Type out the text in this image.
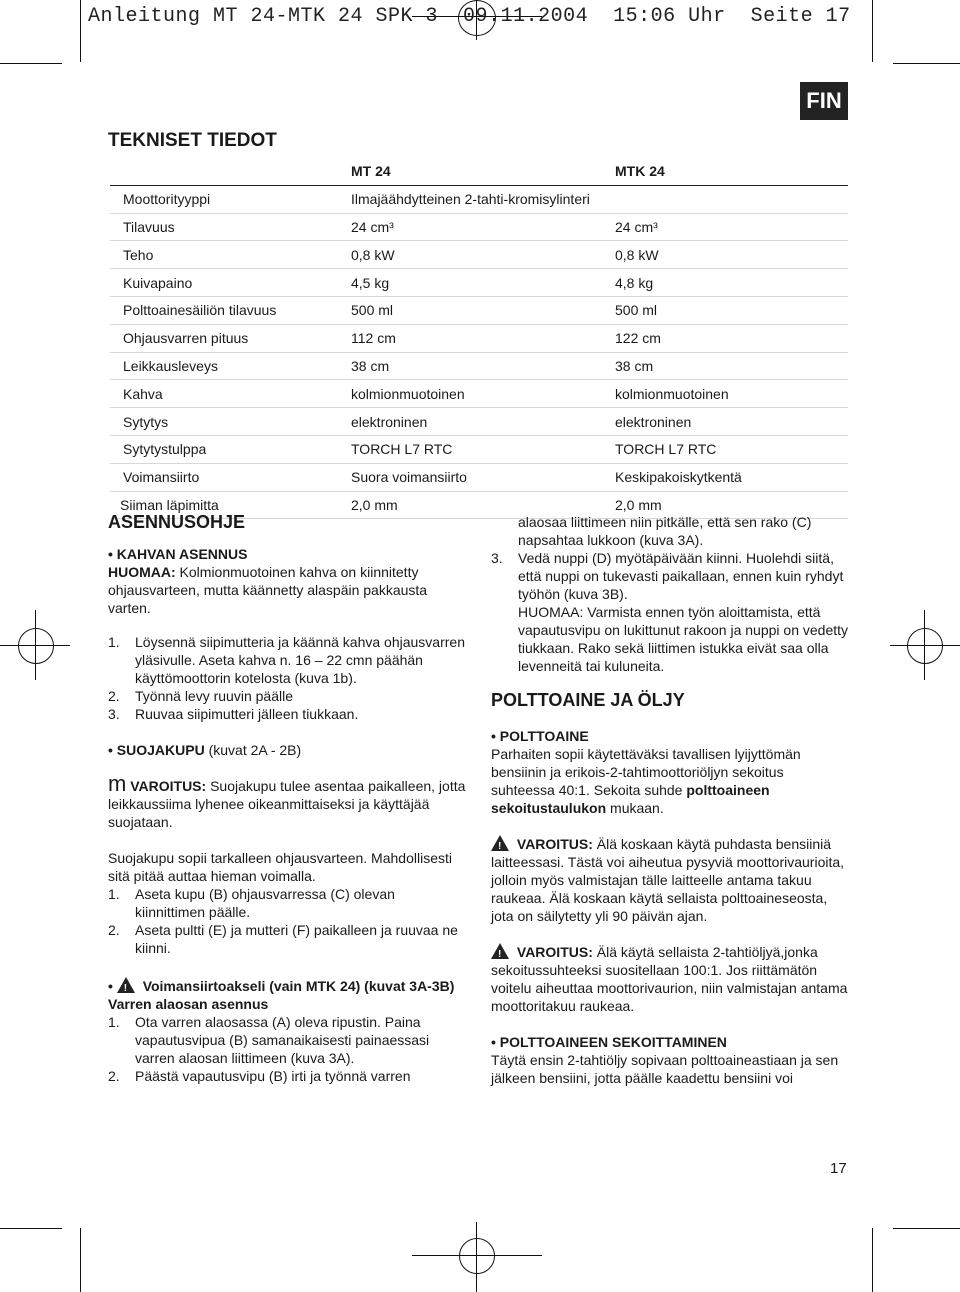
Anleitung MT 24-MTK 24 SPK 3  09.11.2004  15:06 Uhr  Seite 17
FIN
TEKNISET TIEDOT
	MT 24	MTK 24
Moottorityyppi	Ilmajäähdytteinen 2-tahti-kromisylinteri	
Tilavuus	24 cm³	24 cm³
Teho	0,8 kW	0,8 kW
Kuivapaino	4,5 kg	4,8 kg
Polttoainesäiliön tilavuus	500 ml	500 ml
Ohjausvarren pituus	112 cm	122 cm
Leikkausleveys	38 cm	38 cm
Kahva	kolmionmuotoinen	kolmionmuotoinen
Sytytys	elektroninen	elektroninen
Sytytystulppa	TORCH L7 RTC	TORCH L7 RTC
Voimansiirto	Suora voimansiirto	Keskipakoiskytkentä
Siiman läpimitta	2,0 mm	2,0 mm

ASENNUSOHJE

• KAHVAN ASENNUS

HUOMAA: Kolmionmuotoinen kahva on kiinnitetty ohjausvarteen, mutta käännetty alaspäin pakkausta varten.

1. Löysennä siipimutteria ja käännä kahva ohjausvarren yläsivulle. Aseta kahva n. 16 – 22 cmn päähän käyttömoottorin kotelosta (kuva 1b).

2. Työnnä levy ruuvin päälle

3. Ruuvaa siipimutteri jälleen tiukkaan.

• SUOJAKUPU (kuvat 2A - 2B)

m VAROITUS: Suojakupu tulee asentaa paikalleen, jotta leikkaussiima lyhenee oikeanmittaiseksi ja käyttäjää suojataan.

Suojakupu sopii tarkalleen ohjausvarteen. Mahdollisesti sitä pitää auttaa hieman voimalla.

1. Aseta kupu (B) ohjausvarressa (C) olevan kiinnittimen päälle.

2. Aseta pultti (E) ja mutteri (F) paikalleen ja ruuvaa ne kiinni.

• ! Voimansiirtoakseli (vain MTK 24) (kuvat 3A-3B)

Varren alaosan asennus

1. Ota varren alaosassa (A) oleva ripustin. Paina vapautusvipua (B) samanaikaisesti painaessasi varren alaosan liittimeen (kuva 3A).

2. Päästä vapautusvipu (B) irti ja työnnä varren

alaosaa liittimeen niin pitkälle, että sen rako (C) napsahtaa lukkoon (kuva 3A).

3. Vedä nuppi (D) myötäpäivään kiinni. Huolehdi siitä, että nuppi on tukevasti paikallaan, ennen kuin ryhdyt työhön (kuva 3B).

HUOMAA: Varmista ennen työn aloittamista, että vapautusvipu on lukittunut rakoon ja nuppi on vedetty tiukkaan. Rako sekä liittimen istukka eivät saa olla levenneitä tai kuluneita.

POLTTOAINE JA ÖLJY

• POLTTOAINE

Parhaiten sopii käytettäväksi tavallisen lyijyttömän bensiinin ja erikois-2-tahtimoottoriöljyn sekoitus suhteessa 40:1. Sekoita suhde polttoaineen sekoitustaulukon mukaan.

! VAROITUS: Älä koskaan käytä puhdasta bensiiniä laitteessasi. Tästä voi aiheutua pysyviä moottorivaurioita, jolloin myös valmistajan tälle laitteelle antama takuu raukeaa. Älä koskaan käytä sellaista polttoaineseosta, jota on säilytetty yli 90 päivän ajan.

! VAROITUS: Älä käytä sellaista 2-tahtiöljyä,jonka sekoitussuhteeksi suositellaan 100:1. Jos riittämätön voitelu aiheuttaa moottorivaurion, niin valmistajan antama moottoritakuu raukeaa.

• POLTTOAINEEN SEKOITTAMINEN

Täytä ensin 2-tahtiöljy sopivaan polttoaineastiaan ja sen jälkeen bensiini, jotta päälle kaadettu bensiini voi

17
